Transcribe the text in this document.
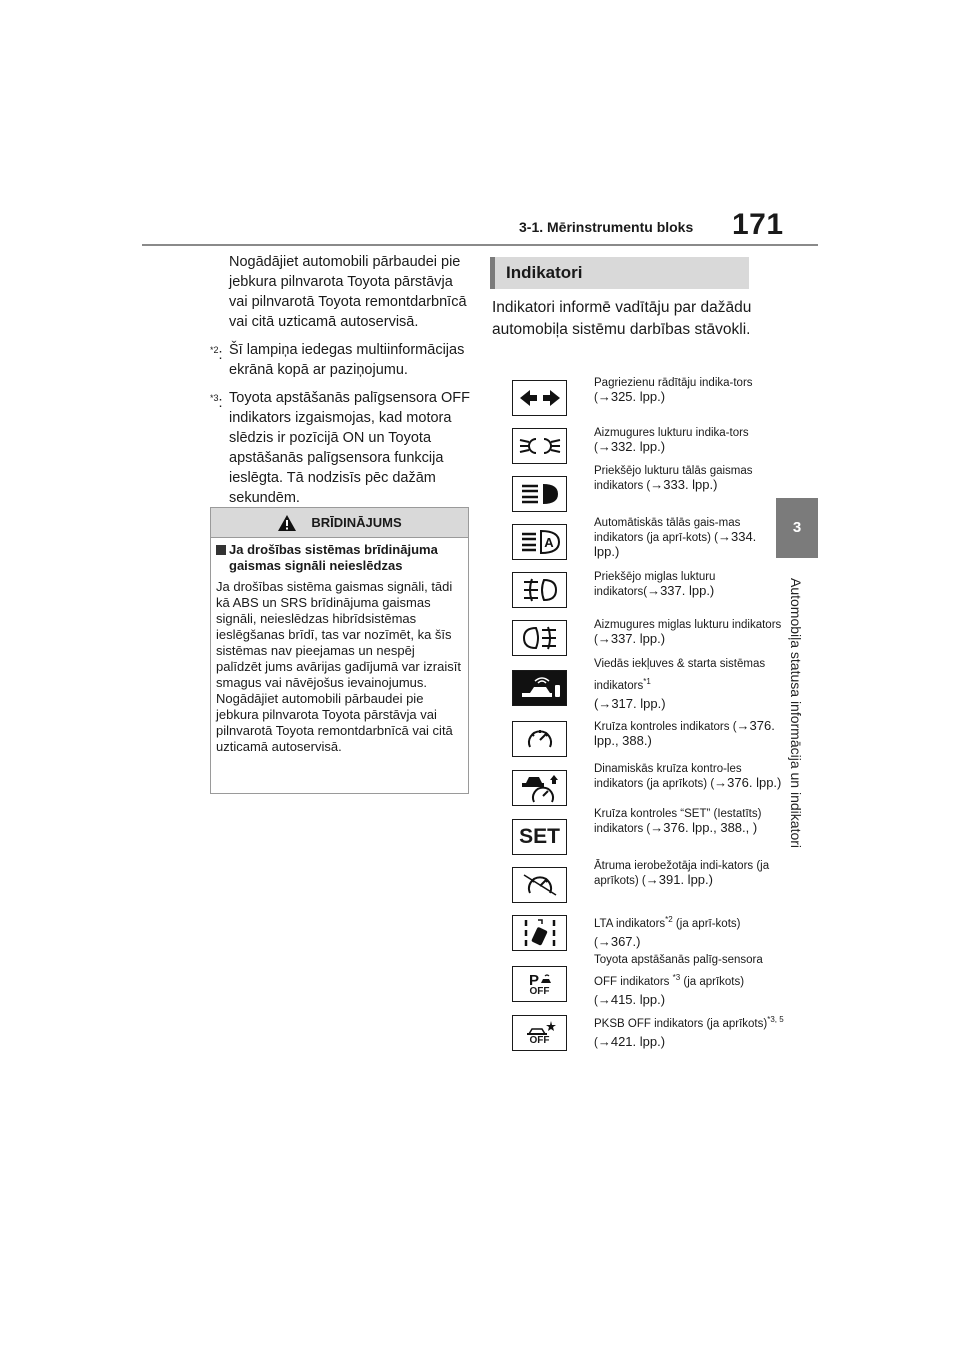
3-1. Mērinstrumentu bloks 171
3
Automobiļa statusa informācija un indikatori

Nogādājiet automobili pārbaudei pie jebkura pilnvarota Toyota pārstāvja vai pilnvarotā Toyota remontdarbnīcā vai citā uzticamā autoservisā.

$^{*2}$: Šī lampiņa iedegas multiinformācijas ekrānā kopā ar paziņojumu.
$^{*3}$: Toyota apstāšanās palīgsensora OFF indikators izgaismojas, kad motora slēdzis ir pozīcijā ON un Toyota apstāšanās palīgsensora funkcija ieslēgta. Tā nodzisīs pēc dažām sekundēm.
BRĪDINĀJUMS
Ja drošības sistēmas brīdinājuma gaismas signāli neieslēdzas

Ja drošības sistēma gaismas signāli, tādi kā ABS un SRS brīdinājuma gaismas signāli, neieslēdzas hibrīdsistēmas ieslēgšanas brīdī, tas var nozīmēt, ka šīs sistēmas nav pieejamas un nespēj palīdzēt jums avārijas gadījumā var izraisīt smagus vai nāvējošus ievainojumus. Nogādājiet automobili pārbaudei pie jebkura pilnvarota Toyota pārstāvja vai pilnvarotā Toyota remontdarbnīcā vai citā uzticamā autoservisā.

Indikatori
Indikatori informē vadītāju par dažādu automobiļa sistēmu darbības stāvokli.
Pagriezienu rādītāju indika-tors (→325. lpp.)
Aizmugures lukturu indika-tors (→332. lpp.)
Priekšējo lukturu tālās gaismas indikators (→333. lpp.)
A
Automātiskās tālās gais-mas indikators (ja aprī-kots) (→334. lpp.)
Priekšējo miglas lukturu indikators(→337. lpp.)
Aizmugures miglas lukturu indikators (→337. lpp.)
Viedās iekļuves & starta sistēmas indikators$^{*1}$
(→317. lpp.)
Kruīza kontroles indikators (→376. lpp., 388.)
Dinamiskās kruīza kontro-les indikators (ja aprīkots) (→376. lpp.)
SET
Kruīza kontroles “SET” (Iestatīts) indikators (→376. lpp., 388., )
Ātruma ierobežotāja indi-kators (ja aprīkots) (→391. lpp.)
LTA indikators$^{*2}$ (ja aprī-kots) (→367.)
P
OFF
Toyota apstāšanās palīg-sensora OFF indikators $^{*3}$ (ja aprīkots) (→415. lpp.)
OFF
PKSB OFF indikators (ja aprīkots)$^{*3, 5}$ (→421. lpp.)
